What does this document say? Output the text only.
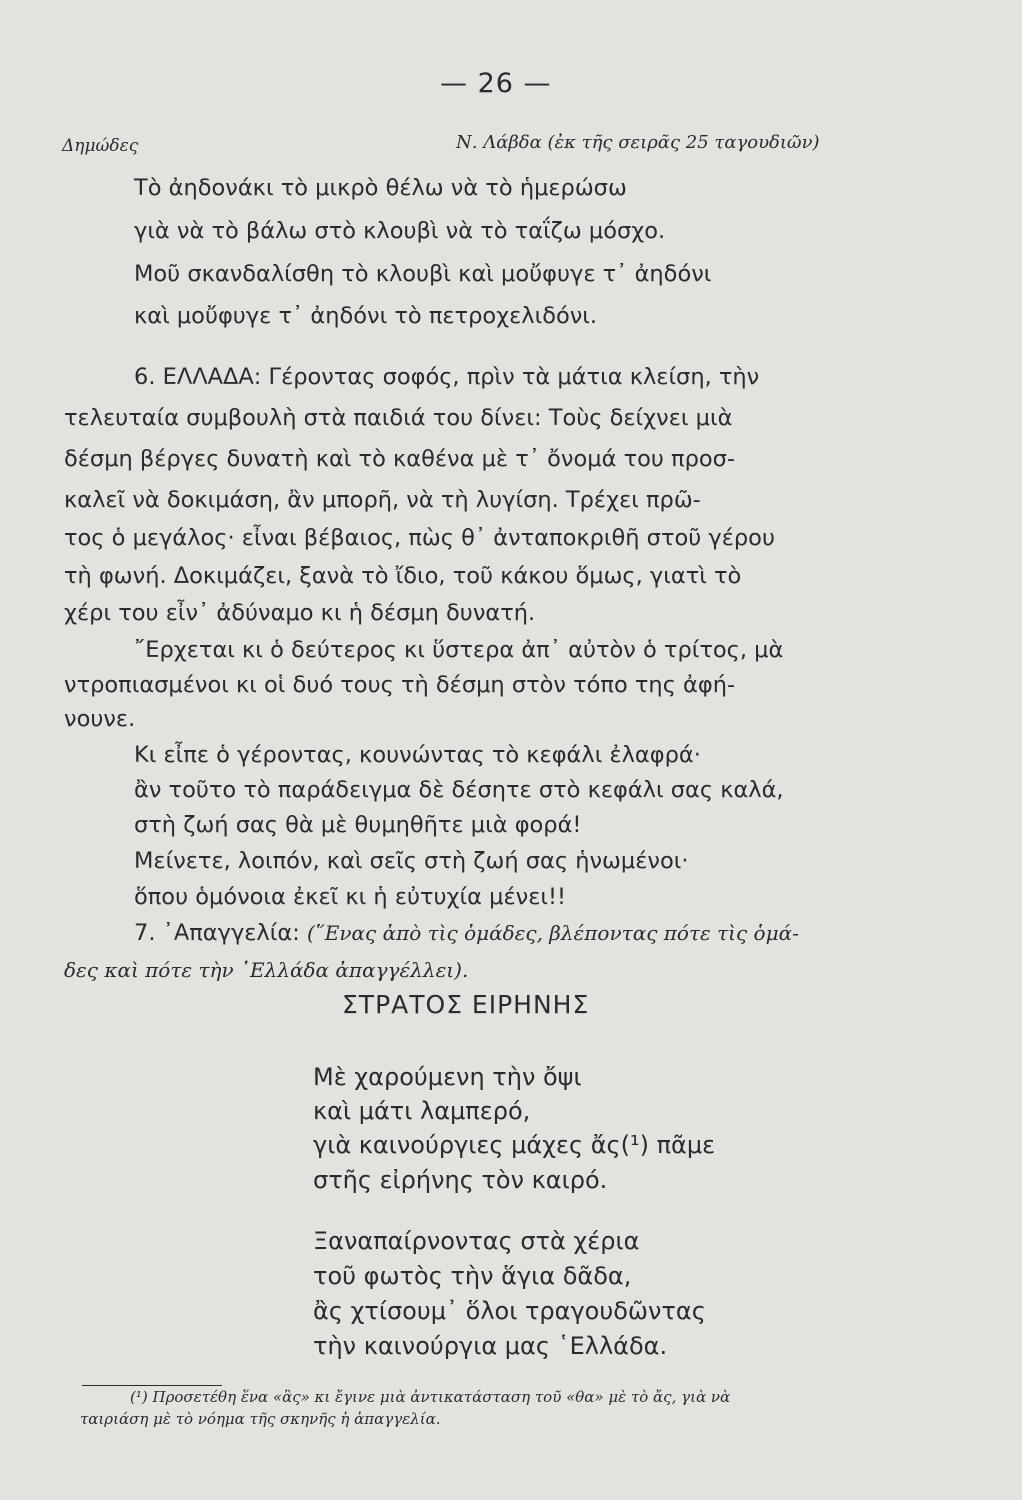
— 26 —
Δημώδες	Ν. Λάβδα (ἐκ τῆς σειρᾶς 25 ταγουδιῶν)
Τὸ ἀηδονάκι τὸ μικρὸ θέλω νὰ τὸ ἡμερώσω
γιὰ νὰ τὸ βάλω στὸ κλουβὶ νὰ τὸ ταΐζω μόσχο.
Μοῦ σκανδαλίσθη τὸ κλουβὶ καὶ μοὔφυγε τ᾿ ἀηδόνι
καὶ μοὔφυγε τ᾿ ἀηδόνι τὸ πετροχελιδόνι.
6. ΕΛΛΑΔΑ: Γέροντας σοφός, πρὶν τὰ μάτια κλείση, τὴν
τελευταία συμβουλὴ στὰ παιδιά του δίνει: Τοὺς δείχνει μιὰ
δέσμη βέργες δυνατὴ καὶ τὸ καθένα μὲ τ᾿ ὄνομά του προσ-
καλεῖ νὰ δοκιμάση, ἂν μπορῆ, νὰ τὴ λυγίση. Τρέχει πρῶ-
τος ὁ μεγάλος· εἶναι βέβαιος, πὼς θ᾿ ἀνταποκριθῆ στοῦ γέρου
τὴ φωνή. Δοκιμάζει, ξανὰ τὸ ἴδιο, τοῦ κάκου ὅμως, γιατὶ τὸ
χέρι του εἶν᾿ ἀδύναμο κι ἡ δέσμη δυνατή.
῎Ερχεται κι ὁ δεύτερος κι ὕστερα ἀπ᾿ αὐτὸν ὁ τρίτος, μὰ
ντροπιασμένοι κι οἱ δυό τους τὴ δέσμη στὸν τόπο της ἀφή-
νουνε.
Κι εἶπε ὁ γέροντας, κουνώντας τὸ κεφάλι ἐλαφρά·
ἂν τοῦτο τὸ παράδειγμα δὲ δέσητε στὸ κεφάλι σας καλά,
στὴ ζωή σας θὰ μὲ θυμηθῆτε μιὰ φορά!
Μείνετε, λοιπόν, καὶ σεῖς στὴ ζωή σας ἡνωμένοι·
ὅπου ὁμόνοια ἐκεῖ κι ἡ εὐτυχία μένει!!
7. ᾿Απαγγελία: (῞Ενας ἀπὸ τὶς ὁμάδες, βλέποντας πότε τὶς ὁμά-
δες καὶ πότε τὴν ῾Ελλάδα ἀπαγγέλλει).
ΣΤΡΑΤΟΣ ΕΙΡΗΝΗΣ
Μὲ χαρούμενη τὴν ὄψι
καὶ μάτι λαμπερό,
γιὰ καινούργιες μάχες ἄς(¹) πᾶμε
στῆς εἰρήνης τὸν καιρό.
Ξαναπαίρνοντας στὰ χέρια
τοῦ φωτὸς τὴν ἅγια δᾶδα,
ἂς χτίσουμ᾿ ὅλοι τραγουδῶντας
τὴν καινούργια μας ῾Ελλάδα.
(¹) Προσετέθη ἕνα «ἂς» κι ἔγινε μιὰ ἀντικατάσταση τοῦ «θα» μὲ τὸ ἄς, γιὰ νὰ
ταιριάση μὲ τὸ νόημα τῆς σκηνῆς ἡ ἀπαγγελία.
